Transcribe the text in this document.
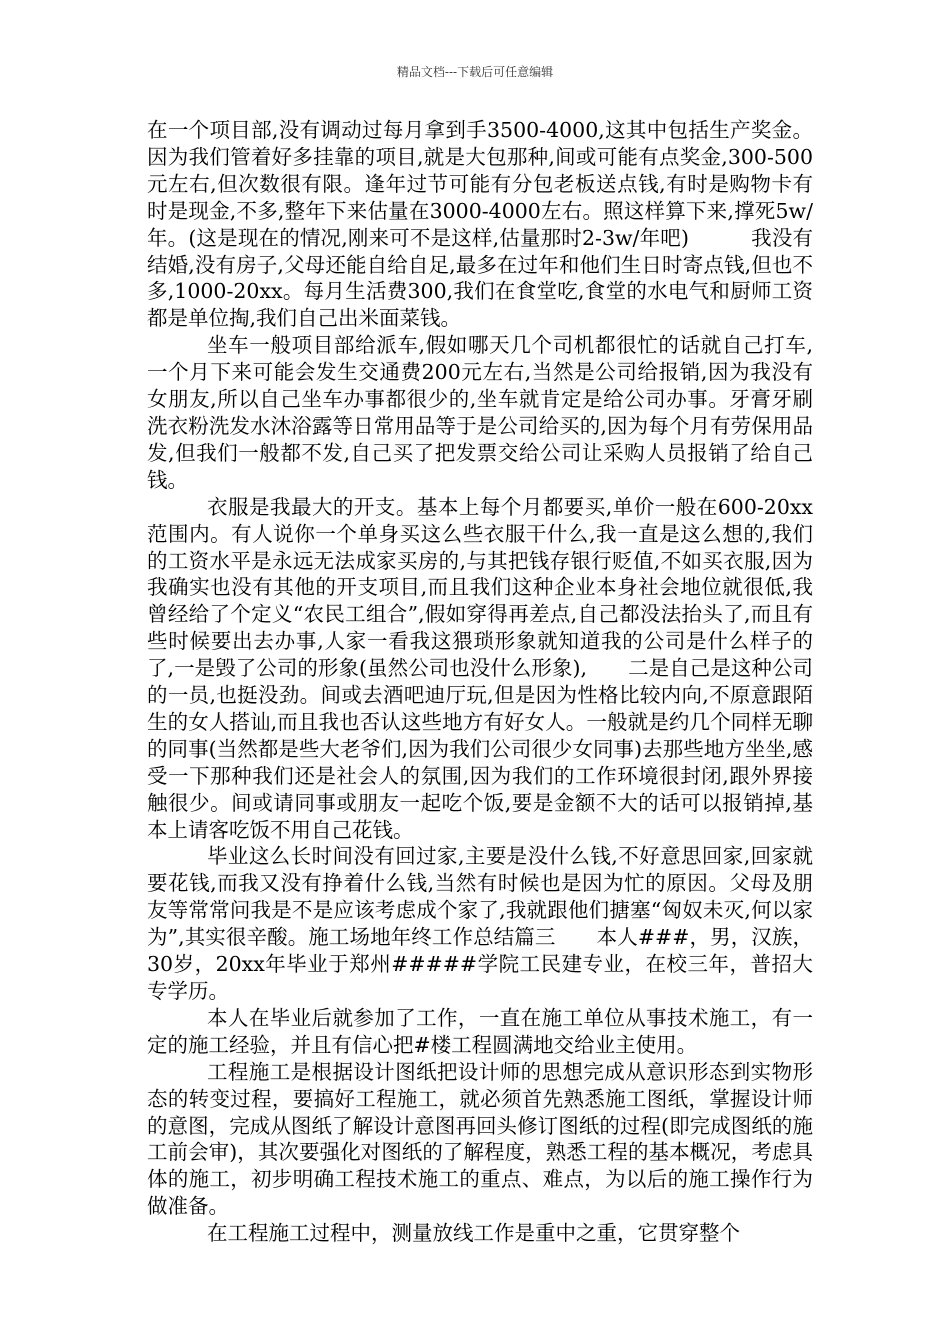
精品文档---下载后可任意编辑

在一个项目部,没有调动过每月拿到手3500-4000,这其中包括生产奖金。因为我们管着好多挂靠的项目,就是大包那种,间或可能有点奖金,300-500元左右,但次数很有限。逢年过节可能有分包老板送点钱,有时是购物卡有时是现金,不多,整年下来估量在3000-4000左右。照这样算下来,撑死5w/年。(这是现在的情况,刚来可不是这样,估量那时2-3w/年吧)　　　我没有结婚,没有房子,父母还能自给自足,最多在过年和他们生日时寄点钱,但也不多,1000-20xx。每月生活费300,我们在食堂吃,食堂的水电气和厨师工资都是单位掏,我们自己出米面菜钱。

坐车一般项目部给派车,假如哪天几个司机都很忙的话就自己打车,一个月下来可能会发生交通费200元左右,当然是公司给报销,因为我没有女朋友,所以自己坐车办事都很少的,坐车就肯定是给公司办事。牙膏牙刷洗衣粉洗发水沐浴露等日常用品等于是公司给买的,因为每个月有劳保用品发,但我们一般都不发,自己买了把发票交给公司让采购人员报销了给自己钱。

衣服是我最大的开支。基本上每个月都要买,单价一般在600-20xx范围内。有人说你一个单身买这么些衣服干什么,我一直是这么想的,我们的工资水平是永远无法成家买房的,与其把钱存银行贬值,不如买衣服,因为我确实也没有其他的开支项目,而且我们这种企业本身社会地位就很低,我曾经给了个定义“农民工组合”,假如穿得再差点,自己都没法抬头了,而且有些时候要出去办事,人家一看我这猥琐形象就知道我的公司是什么样子的了,一是毁了公司的形象(虽然公司也没什么形象),　　二是自己是这种公司的一员,也挺没劲。间或去酒吧迪厅玩,但是因为性格比较内向,不原意跟陌生的女人搭讪,而且我也否认这些地方有好女人。一般就是约几个同样无聊的同事(当然都是些大老爷们,因为我们公司很少女同事)去那些地方坐坐,感受一下那种我们还是社会人的氛围,因为我们的工作环境很封闭,跟外界接触很少。间或请同事或朋友一起吃个饭,要是金额不大的话可以报销掉,基本上请客吃饭不用自己花钱。

毕业这么长时间没有回过家,主要是没什么钱,不好意思回家,回家就要花钱,而我又没有挣着什么钱,当然有时候也是因为忙的原因。父母及朋友等常常问我是不是应该考虑成个家了,我就跟他们搪塞“匈奴未灭,何以家为”,其实很辛酸。施工场地年终工作总结篇三　　本人###，男，汉族，30岁，20xx年毕业于郑州#####学院工民建专业，在校三年，普招大专学历。

本人在毕业后就参加了工作，一直在施工单位从事技术施工，有一定的施工经验，并且有信心把#楼工程圆满地交给业主使用。

工程施工是根据设计图纸把设计师的思想完成从意识形态到实物形态的转变过程，要搞好工程施工，就必须首先熟悉施工图纸，掌握设计师的意图，完成从图纸了解设计意图再回头修订图纸的过程(即完成图纸的施工前会审)，其次要强化对图纸的了解程度，熟悉工程的基本概况，考虑具体的施工，初步明确工程技术施工的重点、难点，为以后的施工操作行为做准备。

在工程施工过程中，测量放线工作是重中之重，它贯穿整个
